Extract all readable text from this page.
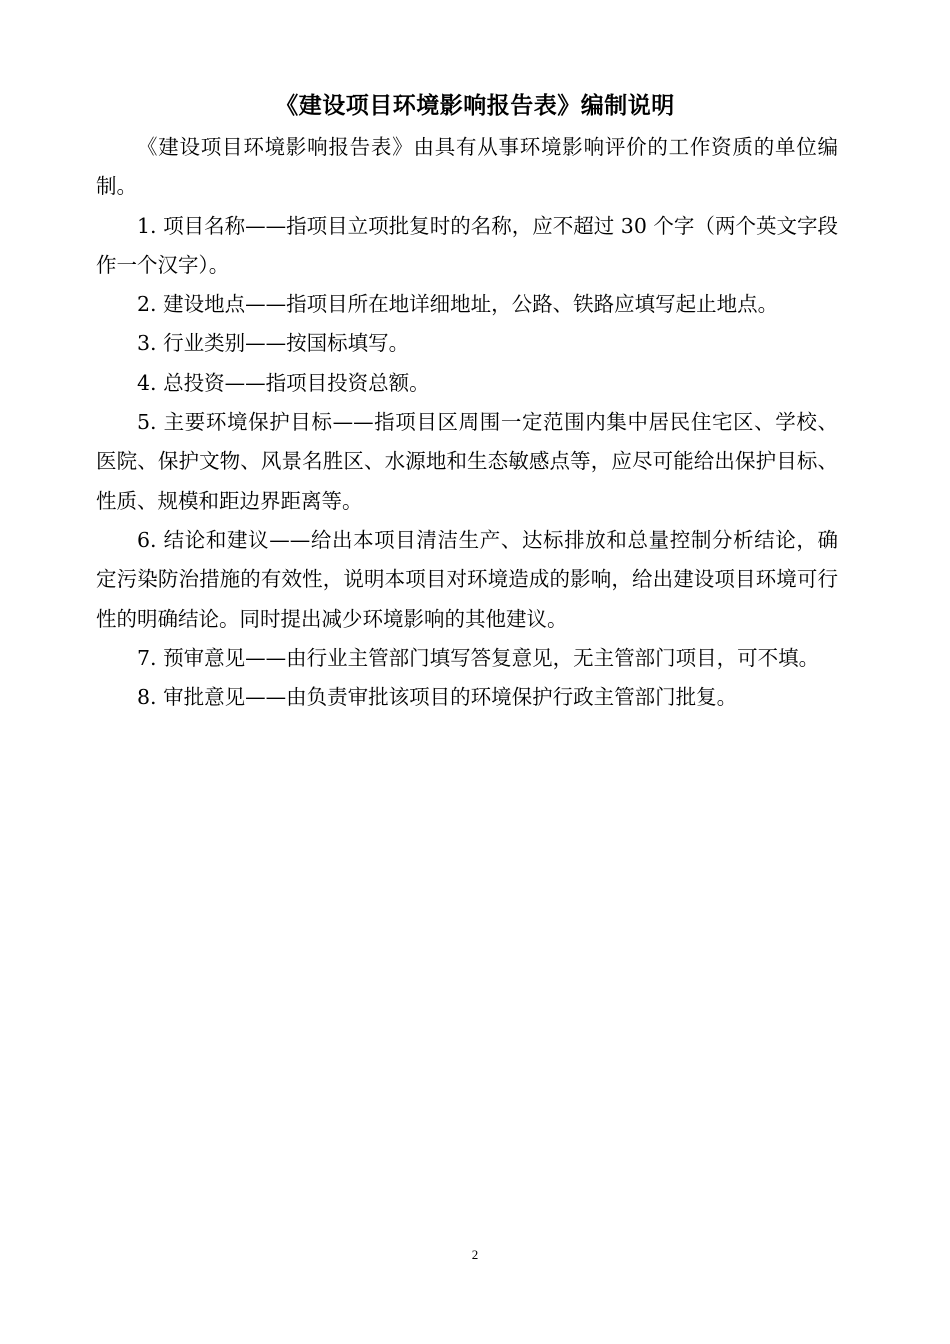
《建设项目环境影响报告表》编制说明

《建设项目环境影响报告表》由具有从事环境影响评价的工作资质的单位编制。

1. 项目名称——指项目立项批复时的名称，应不超过 30 个字（两个英文字段作一个汉字）。

2. 建设地点——指项目所在地详细地址，公路、铁路应填写起止地点。

3. 行业类别——按国标填写。

4. 总投资——指项目投资总额。

5. 主要环境保护目标——指项目区周围一定范围内集中居民住宅区、学校、医院、保护文物、风景名胜区、水源地和生态敏感点等，应尽可能给出保护目标、性质、规模和距边界距离等。

6. 结论和建议——给出本项目清洁生产、达标排放和总量控制分析结论，确定污染防治措施的有效性，说明本项目对环境造成的影响，给出建设项目环境可行性的明确结论。同时提出减少环境影响的其他建议。

7. 预审意见——由行业主管部门填写答复意见，无主管部门项目，可不填。

8. 审批意见——由负责审批该项目的环境保护行政主管部门批复。

2
